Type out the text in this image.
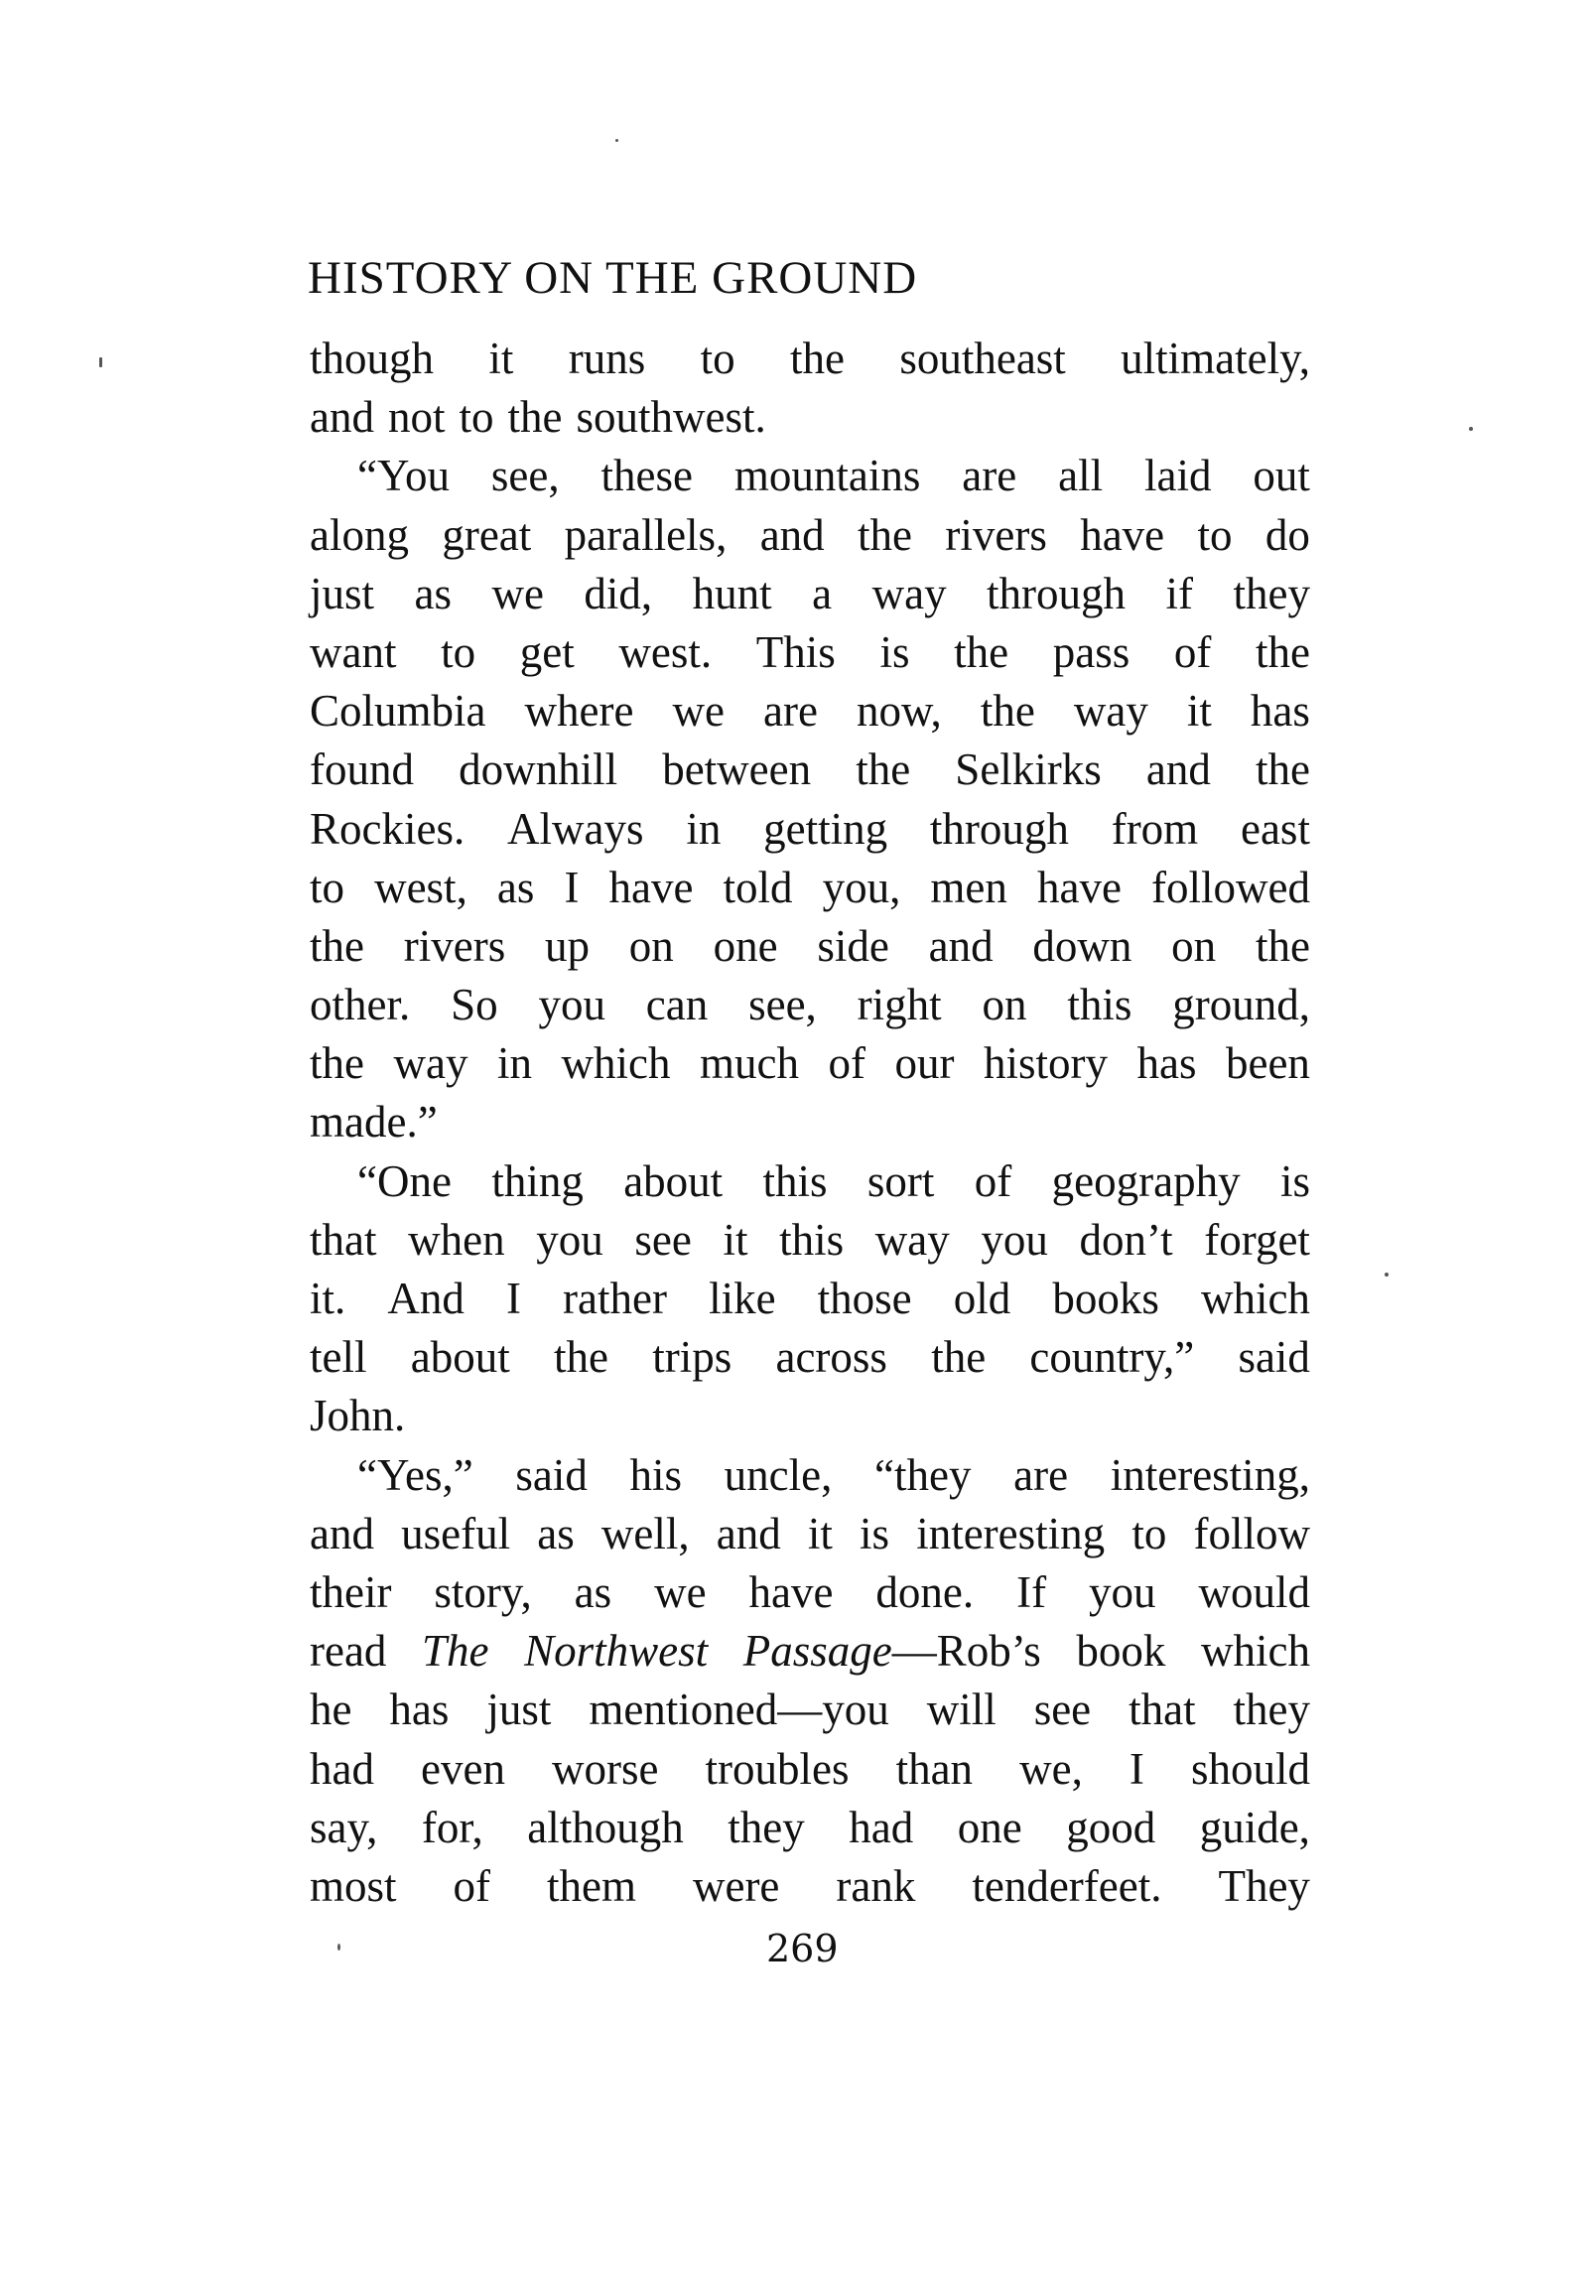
HISTORY ON THE GROUND
though it runs to the southeast ultimately,
and not to the southwest.
“You see, these mountains are all laid out
along great parallels, and the rivers have to do
just as we did, hunt a way through if they
want to get west. This is the pass of the
Columbia where we are now, the way it has
found downhill between the Selkirks and the
Rockies. Always in getting through from east
to west, as I have told you, men have followed
the rivers up on one side and down on the
other. So you can see, right on this ground,
the way in which much of our history has been
made.”
“One thing about this sort of geography is
that when you see it this way you don’t forget
it. And I rather like those old books which
tell about the trips across the country,” said
John.
“Yes,” said his uncle, “they are interesting,
and useful as well, and it is interesting to follow
their story, as we have done. If you would
read The Northwest Passage—Rob’s book which
he has just mentioned—you will see that they
had even worse troubles than we, I should
say, for, although they had one good guide,
most of them were rank tenderfeet. They
269
